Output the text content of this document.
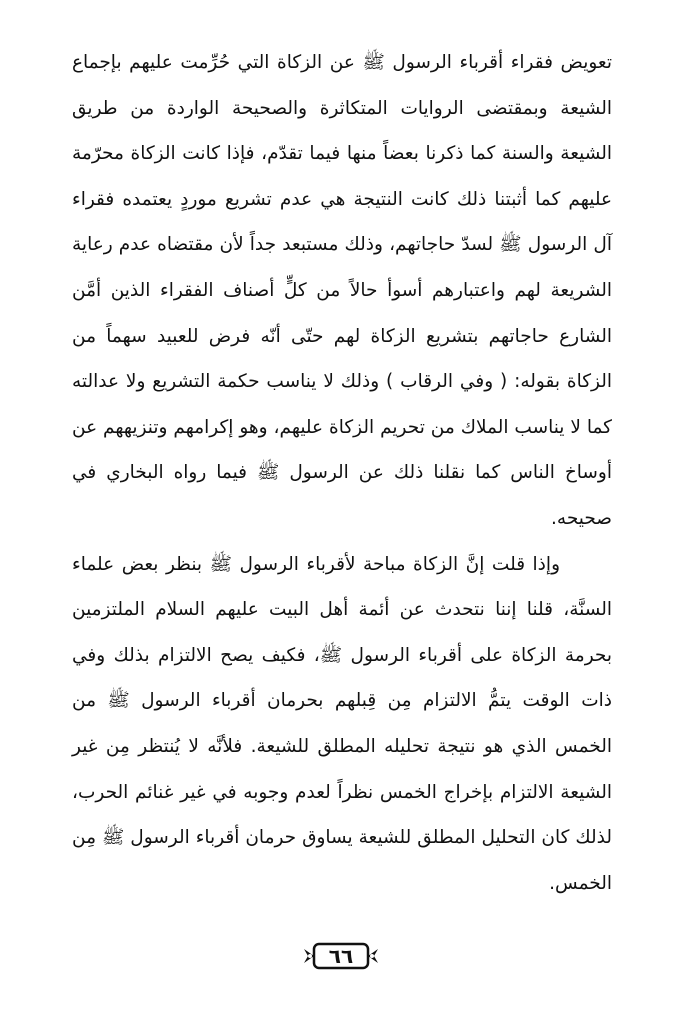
تعويض فقراء أقرباء الرسول ﷺ عن الزكاة التي حُرِّمت عليهم بإجماع الشيعة وبمقتضى الروايات المتكاثرة والصحيحة الواردة من طريق الشيعة والسنة كما ذكرنا بعضاً منها فيما تقدّم، فإذا كانت الزكاة محرّمة عليهم كما أثبتنا ذلك كانت النتيجة هي عدم تشريع موردٍ يعتمده فقراء آل الرسول ﷺ لسدّ حاجاتهم، وذلك مستبعد جداً لأن مقتضاه عدم رعاية الشريعة لهم واعتبارهم أسوأ حالاً من كلٍّ أصناف الفقراء الذين أمَّن الشارع حاجاتهم بتشريع الزكاة لهم حتّى أنّه فرض للعبيد سهماً من الزكاة بقوله: ( وفي الرقاب ) وذلك لا يناسب حكمة التشريع ولا عدالته كما لا يناسب الملاك من تحريم الزكاة عليهم، وهو إكرامهم وتنزيههم عن أوساخ الناس كما نقلنا ذلك عن الرسول ﷺ فيما رواه البخاري في صحيحه.

وإذا قلت إنَّ الزكاة مباحة لأقرباء الرسول ﷺ بنظر بعض علماء السنَّة، قلنا إننا نتحدث عن أئمة أهل البيت عليهم السلام الملتزمين بحرمة الزكاة على أقرباء الرسول ﷺ، فكيف يصح الالتزام بذلك وفي ذات الوقت يتمُّ الالتزام مِن قِبلهم بحرمان أقرباء الرسول ﷺ من الخمس الذي هو نتيجة تحليله المطلق للشيعة. فلأنَّه لا يُنتظر مِن غير الشيعة الالتزام بإخراج الخمس نظراً لعدم وجوبه في غير غنائم الحرب، لذلك كان التحليل المطلق للشيعة يساوق حرمان أقرباء الرسول ﷺ مِن الخمس.

٦٦
